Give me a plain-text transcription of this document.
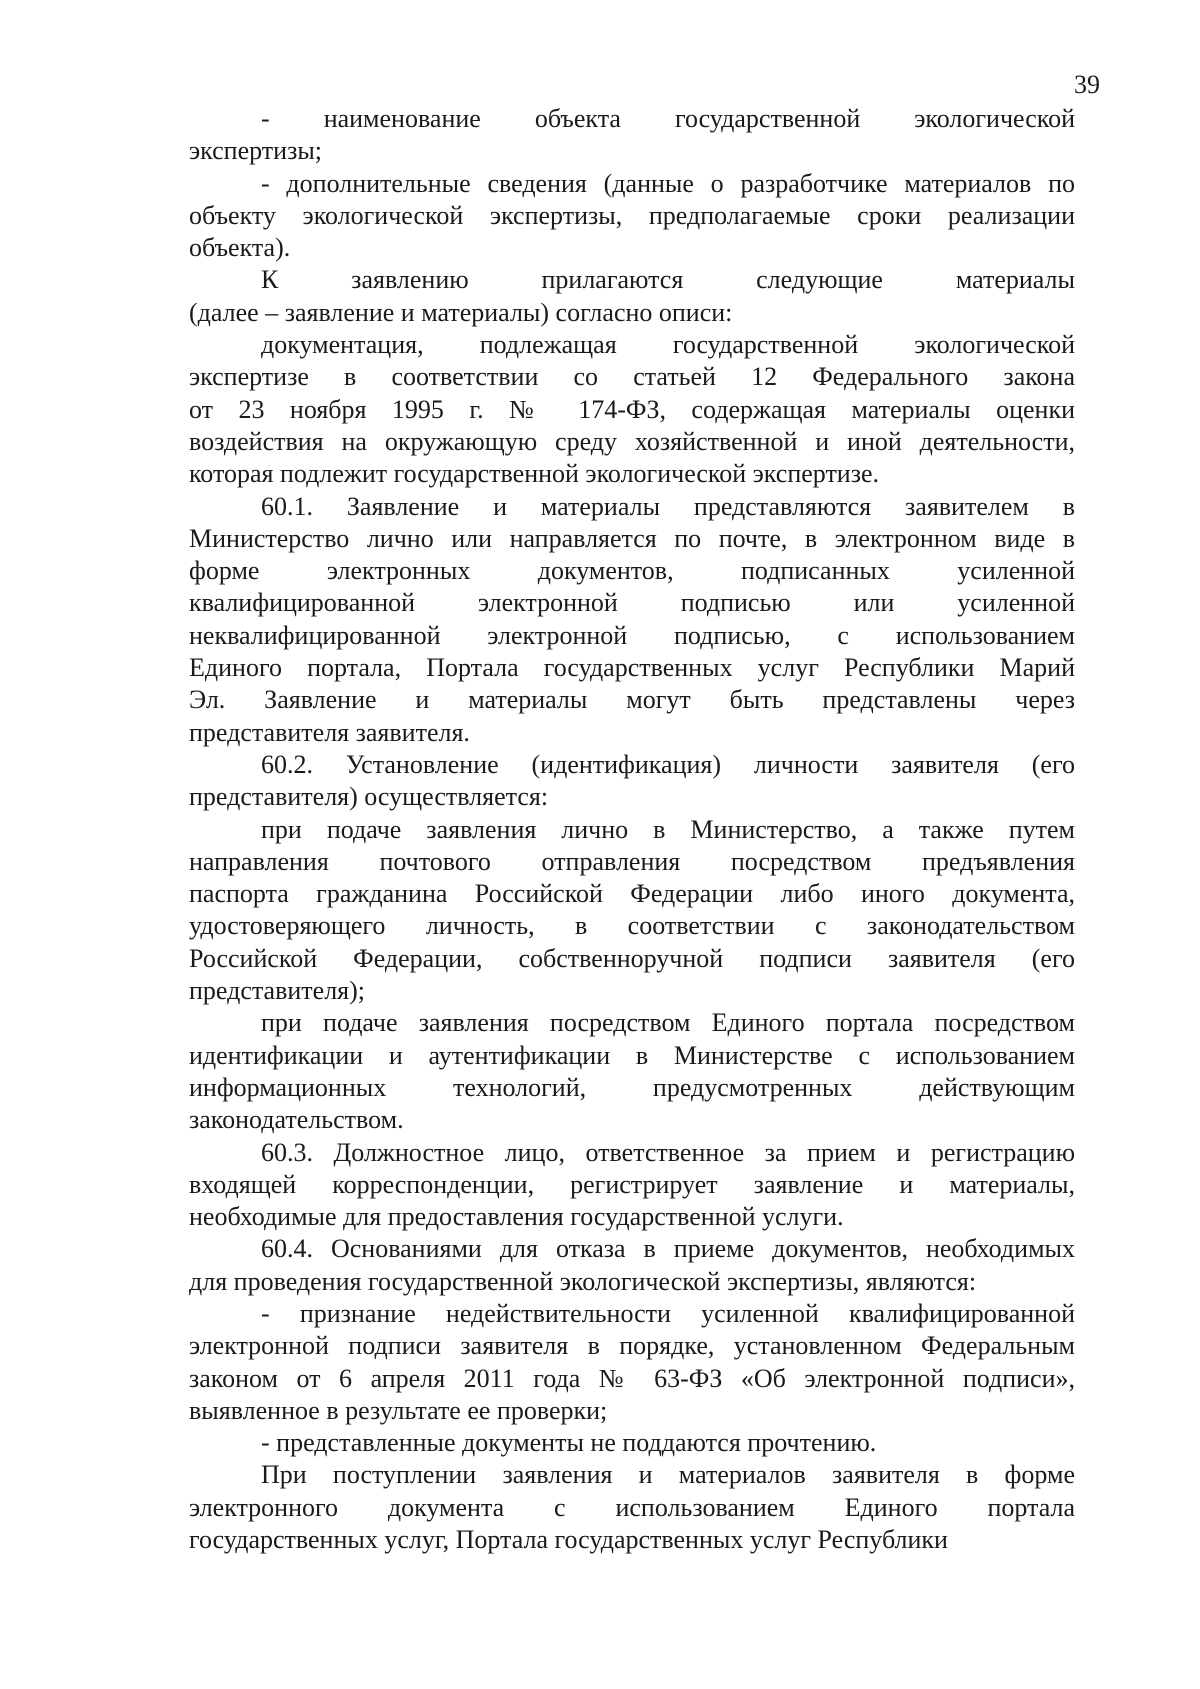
39
- наименование объекта государственной экологической
экспертизы;
- дополнительные сведения (данные о разработчике материалов по
объекту экологической экспертизы, предполагаемые сроки реализации
объекта).
К заявлению прилагаются следующие материалы
(далее – заявление и материалы) согласно описи:
документация, подлежащая государственной экологической
экспертизе в соответствии со статьей 12 Федерального закона
от 23 ноября 1995 г. № 174-ФЗ, содержащая материалы оценки
воздействия на окружающую среду хозяйственной и иной деятельности,
которая подлежит государственной экологической экспертизе.
60.1. Заявление и материалы представляются заявителем в
Министерство лично или направляется по почте, в электронном виде в
форме электронных документов, подписанных усиленной
квалифицированной электронной подписью или усиленной
неквалифицированной электронной подписью, с использованием
Единого портала, Портала государственных услуг Республики Марий
Эл. Заявление и материалы могут быть представлены через
представителя заявителя.
60.2. Установление (идентификация) личности заявителя (его
представителя) осуществляется:
при подаче заявления лично в Министерство, а также путем
направления почтового отправления посредством предъявления
паспорта гражданина Российской Федерации либо иного документа,
удостоверяющего личность, в соответствии с законодательством
Российской Федерации, собственноручной подписи заявителя (его
представителя);
при подаче заявления посредством Единого портала посредством
идентификации и аутентификации в Министерстве с использованием
информационных технологий, предусмотренных действующим
законодательством.
60.3. Должностное лицо, ответственное за прием и регистрацию
входящей корреспонденции, регистрирует заявление и материалы,
необходимые для предоставления государственной услуги.
60.4. Основаниями для отказа в приеме документов, необходимых
для проведения государственной экологической экспертизы, являются:
- признание недействительности усиленной квалифицированной
электронной подписи заявителя в порядке, установленном Федеральным
законом от 6 апреля 2011 года № 63-ФЗ «Об электронной подписи»,
выявленное в результате ее проверки;
- представленные документы не поддаются прочтению.
При поступлении заявления и материалов заявителя в форме
электронного документа с использованием Единого портала
государственных услуг, Портала государственных услуг Республики
